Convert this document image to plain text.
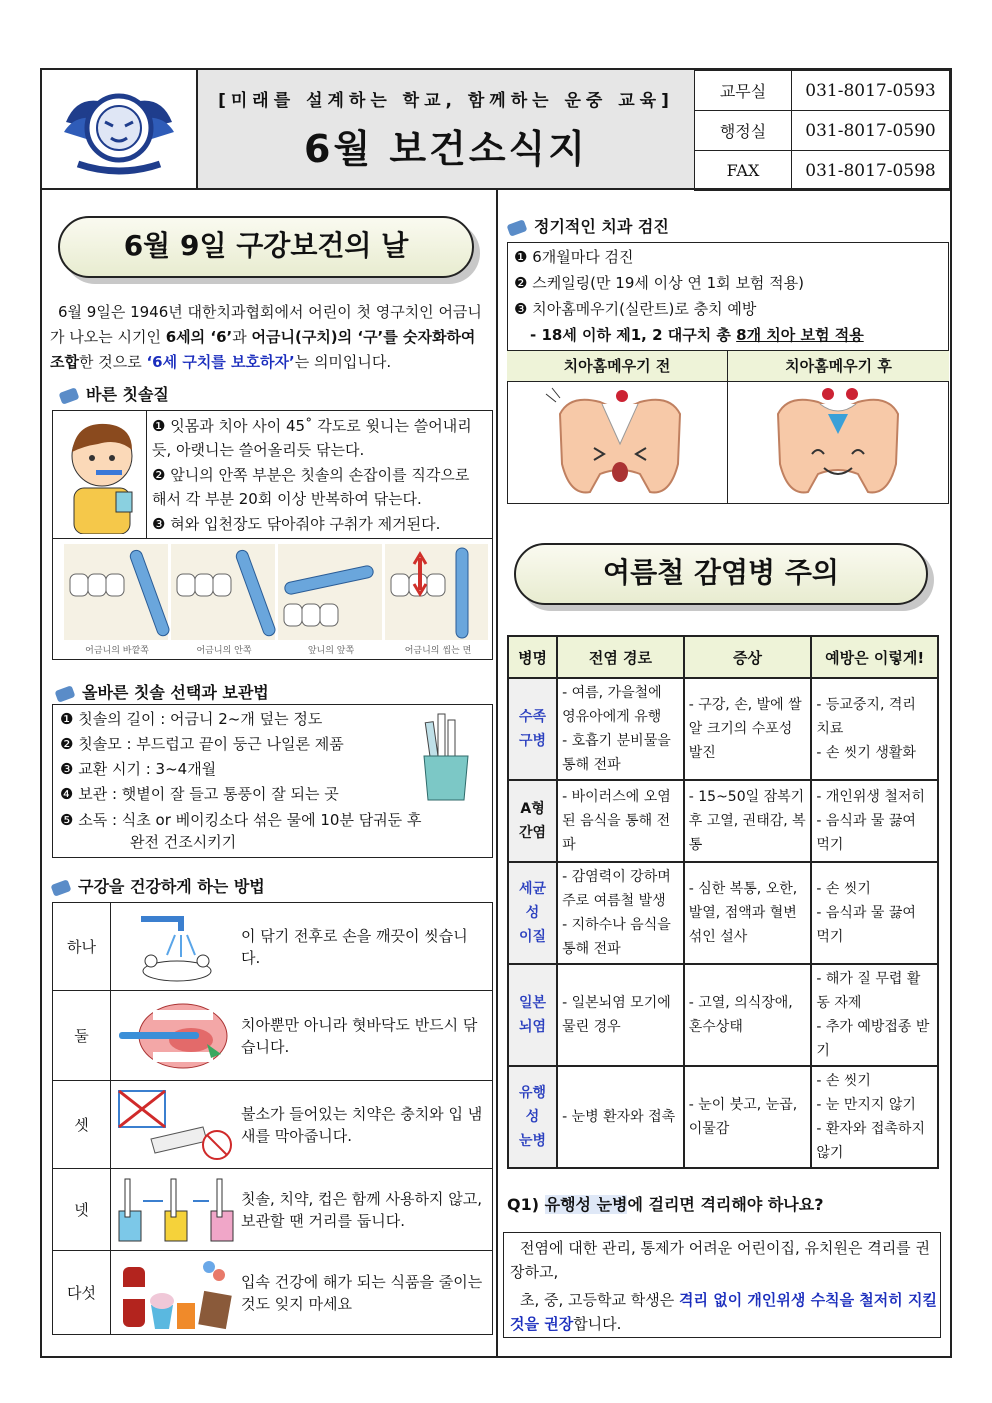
[미래를 설계하는 학교, 함께하는 운중 교육]
6월 보건소식지
교무실	031-8017-0593
행정실	031-8017-0590
FAX	031-8017-0598
6월 9일 구강보건의 날
6월 9일은 1946년 대한치과협회에서 어린이 첫 영구치인 어금니가 나오는 시기인 6세의 ‘6’과 어금니(구치)의 ‘구’를 숫자화하여 조합한 것으로 ‘6세 구치를 보호하자’는 의미입니다.
바른 칫솔질
❶ 잇몸과 치아 사이 45˚ 각도로 윗니는 쓸어내리듯, 아랫니는 쓸어올리듯 닦는다.
❷ 앞니의 안쪽 부분은 칫솔의 손잡이를 직각으로 해서 각 부분 20회 이상 반복하여 닦는다.
❸ 혀와 입천장도 닦아줘야 구취가 제거된다.
어금니의 바깥쪽	어금니의 안쪽	앞니의 앞쪽	어금니의 씹는 면
올바른 칫솔 선택과 보관법
❶ 칫솔의 길이 : 어금니 2~개 덮는 정도
❷ 칫솔모 : 부드럽고 끝이 둥근 나일론 제품
❸ 교환 시기 : 3~4개월
❹ 보관 : 햇볕이 잘 들고 통풍이 잘 되는 곳
❺ 소독 : 식초 or 베이킹소다 섞은 물에 10분 담궈둔 후
완전 건조시키기
구강을 건강하게 하는 방법
하나	이 닦기 전후로 손을 깨끗이 씻습니다.

둘	치아뿐만 아니라 혓바닥도 반드시 닦습니다.

셋	불소가 들어있는 치약은 충치와 입 냄새를 막아줍니다.

넷	칫솔, 치약, 컵은 함께 사용하지 않고, 보관할 땐 거리를 둡니다.

다섯	입속 건강에 해가 되는 식품을 줄이는 것도 잊지 마세요
정기적인 치과 검진
❶ 6개월마다 검진
❷ 스케일링(만 19세 이상 연 1회 보험 적용)
❸ 치아홈메우기(실란트)로 충치 예방
- 18세 이하 제1, 2 대구치 총 8개 치아 보험 적용
치아홈메우기 전	치아홈메우기 후
여름철 감염병 주의
병명	전염 경로	증상	예방은 이렇게!
수족
구병	- 여름, 가을철에 영유아에게 유행
- 호흡기 분비물을 통해 전파	- 구강, 손, 발에 쌀알 크기의 수포성 발진	- 등교중지, 격리 치료
- 손 씻기 생활화
A형
간염	- 바이러스에 오염된 음식을 통해 전파	- 15~50일 잠복기 후 고열, 권태감, 복통	- 개인위생 철저히
- 음식과 물 끓여 먹기
세균성
이질	- 감염력이 강하며 주로 여름철 발생
- 지하수나 음식을 통해 전파	- 심한 복통, 오한, 발열, 점액과 혈변 섞인 설사	- 손 씻기
- 음식과 물 끓여 먹기
일본
뇌염	- 일본뇌염 모기에 물린 경우	- 고열, 의식장애, 혼수상태	- 해가 질 무렵 활동 자제
- 추가 예방접종 받기
유행성
눈병	- 눈병 환자와 접촉	- 눈이 붓고, 눈곱, 이물감	- 손 씻기
- 눈 만지지 않기
- 환자와 접촉하지 않기
Q1) 유행성 눈병에 걸리면 격리해야 하나요?
전염에 대한 관리, 통제가 어려운 어린이집, 유치원은 격리를 권장하고,
초, 중, 고등학교 학생은 격리 없이 개인위생 수칙을 철저히 지킬 것을 권장합니다.
